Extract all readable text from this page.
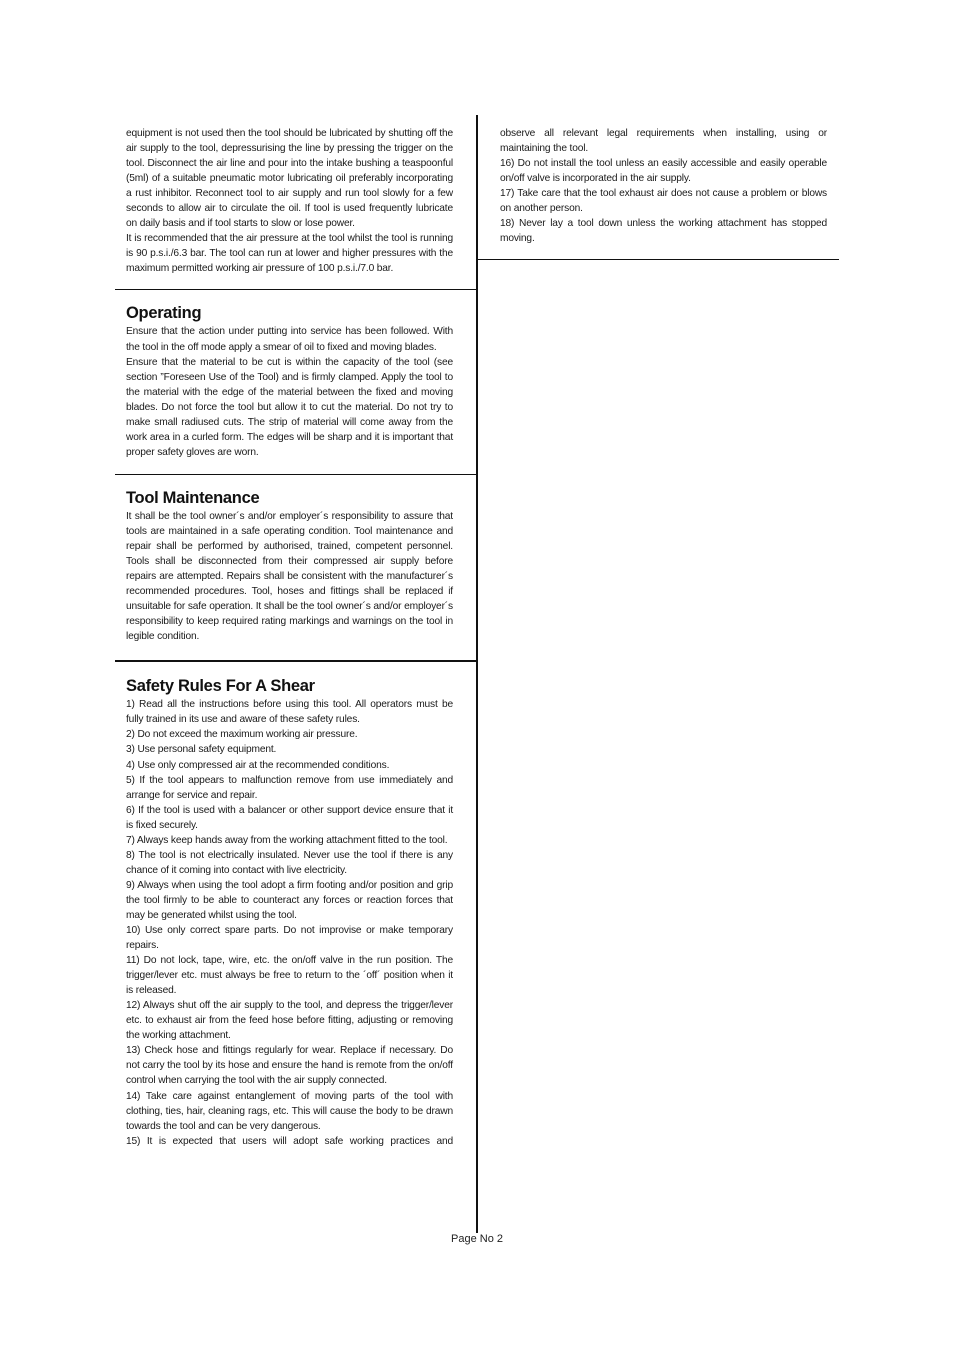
equipment is not used then the tool should be lubricated by shutting off the air supply to the tool, depressurising the line by pressing the trigger on the tool. Disconnect the air line and pour into the intake bushing a teaspoonful (5ml) of a suitable pneumatic motor lubricating oil preferably incorporating a rust inhibitor. Reconnect tool to air supply and run tool slowly for a few seconds to allow air to circulate the oil. If tool is used frequently lubricate on daily basis and if tool starts to slow or lose power.

It is recommended that the air pressure at the tool whilst the tool is running is 90 p.s.i./6.3 bar. The tool can run at lower and higher pressures with the maximum permitted working air pressure of 100 p.s.i./7.0 bar.

Operating

Ensure that the action under putting into service has been followed. With the tool in the off mode apply a smear of oil to fixed and moving blades.

Ensure that the material to be cut is within the capacity of the tool (see section ”Foreseen Use of the Tool) and is firmly clamped. Apply the tool to the material with the edge of the material between the fixed and moving blades. Do not force the tool but allow it to cut the material. Do not try to make small radiused cuts. The strip of material will come away from the work area in a curled form. The edges will be sharp and it is important that proper safety gloves are worn.

Tool Maintenance

It shall be the tool owner´s and/or employer´s responsibility to assure that tools are maintained in a safe operating condition. Tool maintenance and repair shall be performed by authorised, trained, competent personnel. Tools shall be disconnected from their compressed air supply before repairs are attempted. Repairs shall be consistent with the manufacturer´s recommended procedures. Tool, hoses and fittings shall be replaced if unsuitable for safe operation. It shall be the tool owner´s and/or employer´s responsibility to keep required rating markings and warnings on the tool in legible condition.

Safety Rules For A Shear

1) Read all the instructions before using this tool. All operators must be fully trained in its use and aware of these safety rules.

2) Do not exceed the maximum working air pressure.

3) Use personal safety equipment.

4) Use only compressed air at the recommended conditions.

5) If the tool appears to malfunction remove from use immediately and arrange for service and repair.

6) If the tool is used with a balancer or other support device ensure that it is fixed securely.

7) Always keep hands away from the working attachment fitted to the tool.

8) The tool is not electrically insulated. Never use the tool if there is any chance of it coming into contact with live electricity.

9) Always when using the tool adopt a firm footing and/or position and grip the tool firmly to be able to counteract any forces or reaction forces that may be generated whilst using the tool.

10) Use only correct spare parts. Do not improvise or make temporary repairs.

11) Do not lock, tape, wire, etc. the on/off valve in the run position. The trigger/lever etc. must always be free to return to the ´off´ position when it is released.

12) Always shut off the air supply to the tool, and depress the trigger/lever etc. to exhaust air from the feed hose before fitting, adjusting or removing the working attachment.

13) Check hose and fittings regularly for wear. Replace if necessary. Do not carry the tool by its hose and ensure the hand is remote from the on/off control when carrying the tool with the air supply connected.

14) Take care against entanglement of moving parts of the tool with clothing, ties, hair, cleaning rags, etc. This will cause the body to be drawn towards the tool and can be very dangerous.

15) It is expected that users will adopt safe working practices and

observe all relevant legal requirements when installing, using or maintaining the tool.

16) Do not install the tool unless an easily accessible and easily operable on/off valve is incorporated in the air supply.

17) Take care that the tool exhaust air does not cause a problem or blows on another person.

18) Never lay a tool down unless the working attachment has stopped moving.

Page No 2
